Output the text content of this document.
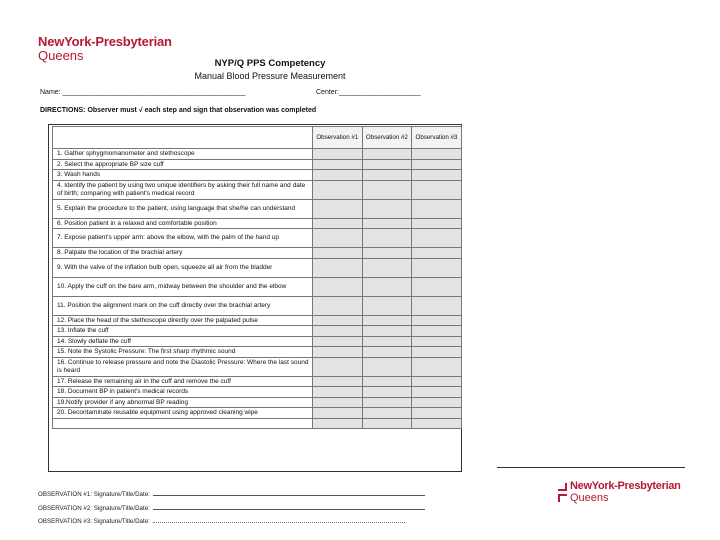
NewYork-Presbyterian
Queens
NYP/Q PPS Competency
Manual Blood Pressure Measurement
Name: _______________________________________________	Center:_____________________
DIRECTIONS: Observer must √ each step and sign that observation was completed
	Observation #1	Observation #2	Observation #3
1. Gather sphygmomanometer and stethoscope			
2. Select the appropriate BP size cuff			
3. Wash hands			
4. Identify the patient by using two unique identifiers by asking their full name and date of birth; comparing with patient's medical record			
5. Explain the procedure to the patient, using language that she/he can understand			
6. Position patient in a relaxed and comfortable position			
7. Expose patient's upper arm: above the elbow, with the palm of the hand up			
8. Palpate the location of the brachial artery			
9. With the valve of the inflation bulb open, squeeze all air from the bladder			
10. Apply the cuff on the bare arm, midway between the shoulder and the elbow			
11. Position the alignment mark on the cuff directly over the brachial artery			
12. Place the head of the stethoscope directly over the palpated pulse			
13. Inflate the cuff			
14. Slowly deflate the cuff			
15. Note the Systolic Pressure: The first sharp rhythmic sound			
16. Continue to release pressure and note the Diastolic Pressure: Where the last sound is heard			
17. Release the remaining air in the cuff and remove the cuff			
18. Document BP in patient's medical records			
19.Notify provider if any abnormal BP reading			
20. Decontaminate reusable equipment using approved cleaning wipe			

OBSERVATION #1: Signature/Title/Date:
OBSERVATION #2: Signature/Title/Date:
OBSERVATION #3: Signature/Title/Date:
NewYork-Presbyterian
Queens
